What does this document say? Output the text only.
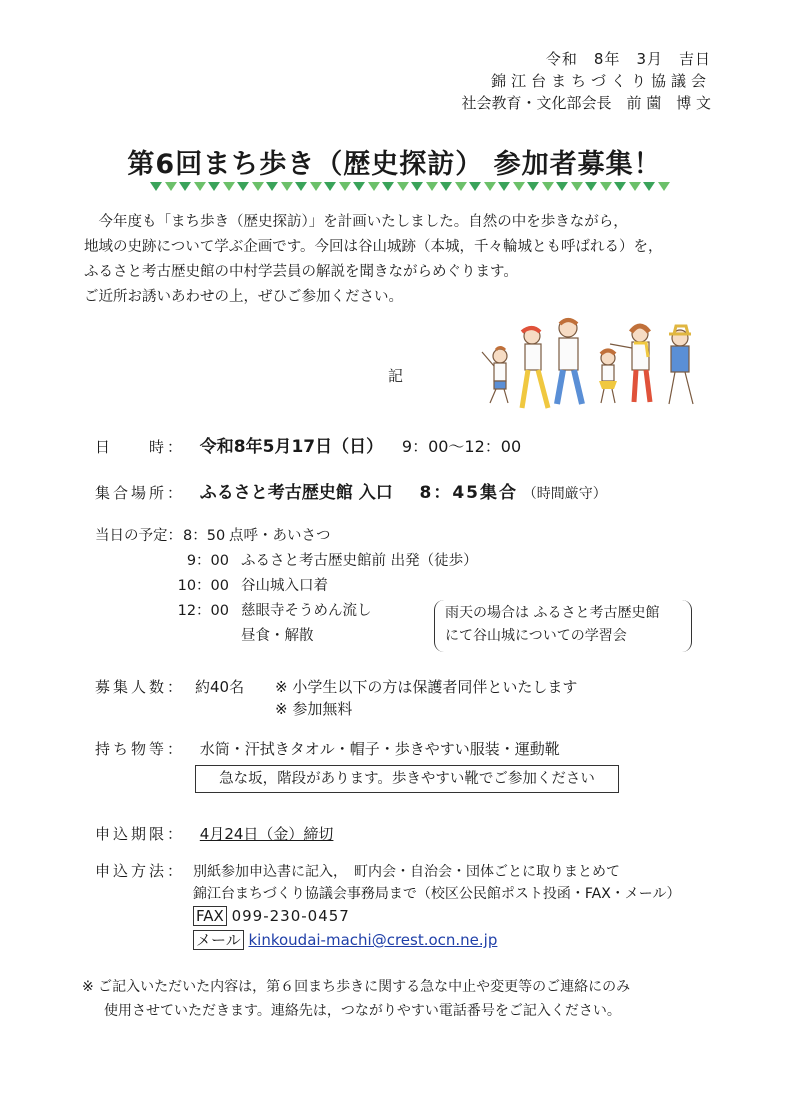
令和　8年　3月　吉日
錦江台まちづくり協議会
社会教育・文化部会長　前 薗　博 文
第6回まち歩き（歴史探訪） 参加者募集！

今年度も「まち歩き（歴史探訪）」を計画いたしました。自然の中を歩きながら，

地域の史跡について学ぶ企画です。今回は谷山城跡（本城，千々輪城とも呼ばれる）を，

ふるさと考古歴史館の中村学芸員の解説を聞きながらめぐります。

ご近所お誘いあわせの上，ぜひご参加ください。

記
日　　時： 令和8年5月17日（日） 9：00〜12：00
集合場所： ふるさと考古歴史館 入口 8：45集合 （時間厳守）
当日の予定：8：50 点呼・あいさつ
9：00 ふるさと考古歴史館前 出発（徒歩）
10：00 谷山城入口着
12：00 慈眼寺そうめん流し
昼食・解散
雨天の場合は ふるさと考古歴史館
にて谷山城についての学習会
募集人数： 約40名 ※ 小学生以下の方は保護者同伴といたします
※ 参加無料
持ち物等： 水筒・汗拭きタオル・帽子・歩きやすい服装・運動靴
急な坂，階段があります。歩きやすい靴でご参加ください
申込期限： 4月24日（金）締切
申込方法： 別紙参加申込書に記入，　町内会・自治会・団体ごとに取りまとめて
錦江台まちづくり協議会事務局まで（校区公民館ポスト投函・FAX・メール）
FAX 099-230-0457
メール kinkoudai-machi@crest.ocn.ne.jp
※ ご記入いただいた内容は，第６回まち歩きに関する急な中止や変更等のご連絡にのみ
使用させていただきます。連絡先は，つながりやすい電話番号をご記入ください。
